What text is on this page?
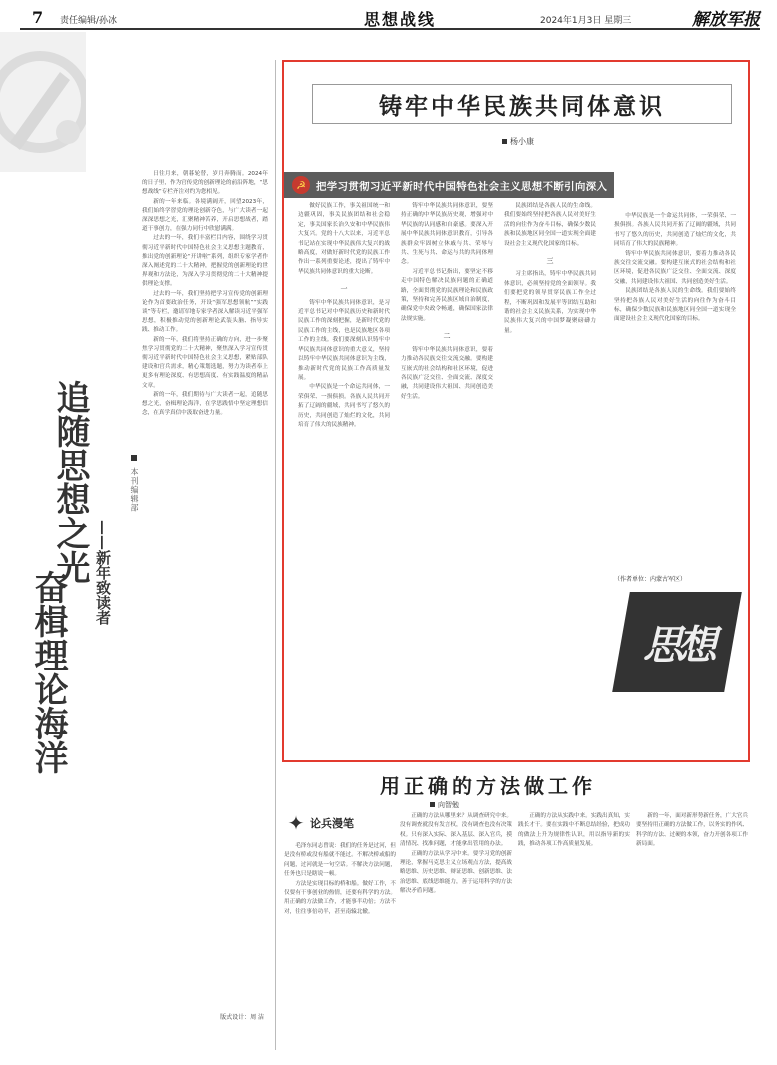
7 责任编辑/孙冰	思想战线	2024年1月3日 星期三	解放军报
追随思想之光
奋楫理论海洋 ——新年致读者
本刊编辑部

日往月来，朝暮轮替，岁月奔腾而。2024年的日子里，作为官传党的创新理论的前沿阵地，“思想战线”专栏齐注对约为您相见。

新的一年来临。各境满阔开，回望2023年，我们始终学習党的理论创新夺色，与广大读者一起深深思想之光，汇聚精神苦养，开启思想战者，踏道干事创力，在强力同行中欣慰满满。

过去的一年，我们丰富栏目内容，围绕学习贯彻习近平新时代中国特色社会主义思想主题教育，推出党的创新理论“开讲啦”系列，组织专家学者作深入阐述党的二十大精神，把握党的创新理论的世界观和方法论，为深入学习贯彻党的二十大精神提供理论支撑。

过去的一年，我们坚持把学习宣传党的创新理论作为首要政治任务，开设“强军思想领航”“实践谈”等专栏，邀请军地专家学者深入解读习近平强军思想，积极推动党的创新理论武装头脑、指导实践、推动工作。

新的一年，我们将坚持正确的方向，进一步聚焦学习贯彻党的二十大精神，聚焦深入学习宣传贯彻习近平新时代中国特色社会主义思想，紧贴部队建设和官兵需求，精心策划选题，努力为读者奉上更多有理论深度、有思想高度、有实践温度的精品文章。

新的一年，我们期待与广大读者一起，追随思想之光，奋楫理论海洋，在学思践悟中坚定理想信念，在真学真信中汲取奋进力量。

版式设计：周 洁
铸牢中华民族共同体意识
杨小康
☭ 把学习贯彻习近平新时代中国特色社会主义思想不断引向深入

做好民族工作，事关祖国统一和边疆巩固，事关民族团结和社会稳定，事关国家长治久安和中华民族伟大复兴。党的十八大以来，习近平总书记站在实现中华民族伟大复兴的战略高度，对做好新时代党的民族工作作出一系列重要论述，提出了铸牢中华民族共同体意识的重大论断。

一

铸牢中华民族共同体意识，是习近平总书记对中华民族历史和新时代民族工作的深刻把握，是新时代党的民族工作的主线，也是民族地区各项工作的主线。我们要深刻认识铸牢中华民族共同体意识的重大意义，坚持以铸牢中华民族共同体意识为主线，推动新时代党的民族工作高质量发展。

中华民族是一个命运共同体，一荣俱荣、一损俱损。各族人民共同开拓了辽阔的疆域，共同书写了悠久的历史，共同创造了灿烂的文化，共同培育了伟大的民族精神。

铸牢中华民族共同体意识，要坚持正确的中华民族历史观，增强对中华民族的认同感和自豪感。要深入开展中华民族共同体意识教育，引导各族群众牢固树立休戚与共、荣辱与共、生死与共、命运与共的共同体理念。

习近平总书记指出，要坚定不移走中国特色解决民族问题的正确道路，全面贯彻党的民族理论和民族政策，坚持和完善民族区域自治制度，确保党中央政令畅通，确保国家法律法规实施。

二

铸牢中华民族共同体意识，要着力推动各民族交往交流交融。要构建互嵌式的社会结构和社区环境，促进各民族广泛交往、全面交流、深度交融，共同建设伟大祖国、共同创造美好生活。

民族团结是各族人民的生命线。我们要始终坚持把各族人民对美好生活的向往作为奋斗目标，确保少数民族和民族地区同全国一道实现全面建设社会主义现代化国家的目标。

三

习主席指出，铸牢中华民族共同体意识，必须坚持党的全面领导。我们要把党的领导贯穿民族工作全过程，不断巩固和发展平等团结互助和谐的社会主义民族关系，为实现中华民族伟大复兴的中国梦凝聚磅礴力量。

中华民族是一个命运共同体，一荣俱荣、一损俱损。各族人民共同开拓了辽阔的疆域，共同书写了悠久的历史，共同创造了灿烂的文化，共同培育了伟大的民族精神。

铸牢中华民族共同体意识，要着力推动各民族交往交流交融。要构建互嵌式的社会结构和社区环境，促进各民族广泛交往、全面交流、深度交融，共同建设伟大祖国、共同创造美好生活。

民族团结是各族人民的生命线。我们要始终坚持把各族人民对美好生活的向往作为奋斗目标，确保少数民族和民族地区同全国一道实现全面建设社会主义现代化国家的目标。

（作者单位：内蒙古军区）
思想
用正确的方法做工作
向智勉
✦ 论兵漫笔

毛泽东同志曾说：我们的任务是过河，但是没有桥或没有船就不能过。不解决桥或船的问题，过河就是一句空话。不解决方法问题，任务也只是瞎说一顿。

方法是实现目标的桥和船。做好工作，不仅要有干事创业的热情，还要有科学的方法。用正确的方法做工作，才能事半功倍；方法不对，往往事倍功半，甚至南辕北辙。

正确的方法从哪里来？从调查研究中来。没有调查就没有发言权，没有调查也没有决策权。只有深入实际、深入基层、深入官兵，摸清情况、找准问题，才能拿出管用的办法。

正确的方法从学习中来。要学习党的创新理论，掌握马克思主义立场观点方法，提高战略思维、历史思维、辩证思维、创新思维、法治思维、底线思维能力，善于运用科学的方法解决矛盾问题。

正确的方法从实践中来。实践出真知，实践长才干。要在实践中不断总结经验，把成功的做法上升为规律性认识，用以指导新的实践，推动各项工作高质量发展。

新的一年，面对新形势新任务，广大官兵要坚持用正确的方法做工作，以务实的作风、科学的方法、过硬的本领，奋力开创各项工作新局面。
